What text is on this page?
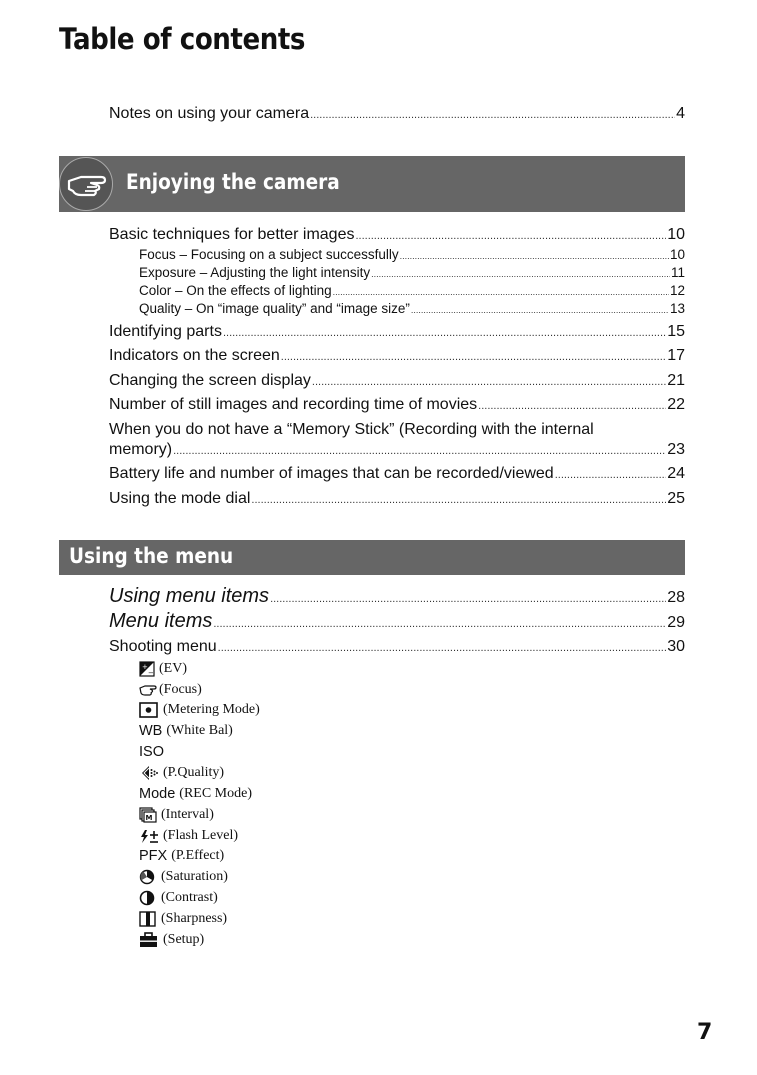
Table of contents
Notes on using your camera .....	4
Enjoying the camera
Basic techniques for better images .....	10
Focus – Focusing on a subject successfully .....	10
Exposure – Adjusting the light intensity .....	11
Color – On the effects of lighting .....	12
Quality – On “image quality” and “image size” .....	13
Identifying parts .....	15
Indicators on the screen .....	17
Changing the screen display .....	21
Number of still images and recording time of movies .....	22
When you do not have a “Memory Stick” (Recording with the internal
memory) .....	23
Battery life and number of images that can be recorded/viewed .....	24
Using the mode dial .....	25
Using the menu
Using menu items .....	28
Menu items .....	29
Shooting menu .....	30
+
− (EV)
(Focus)
(Metering Mode)
WB (White Bal)
ISO
(P.Quality)
Mode (REC Mode)
M (Interval)
(Flash Level)
PFX (P.Effect)
(Saturation)
(Contrast)
(Sharpness)
(Setup)
7
